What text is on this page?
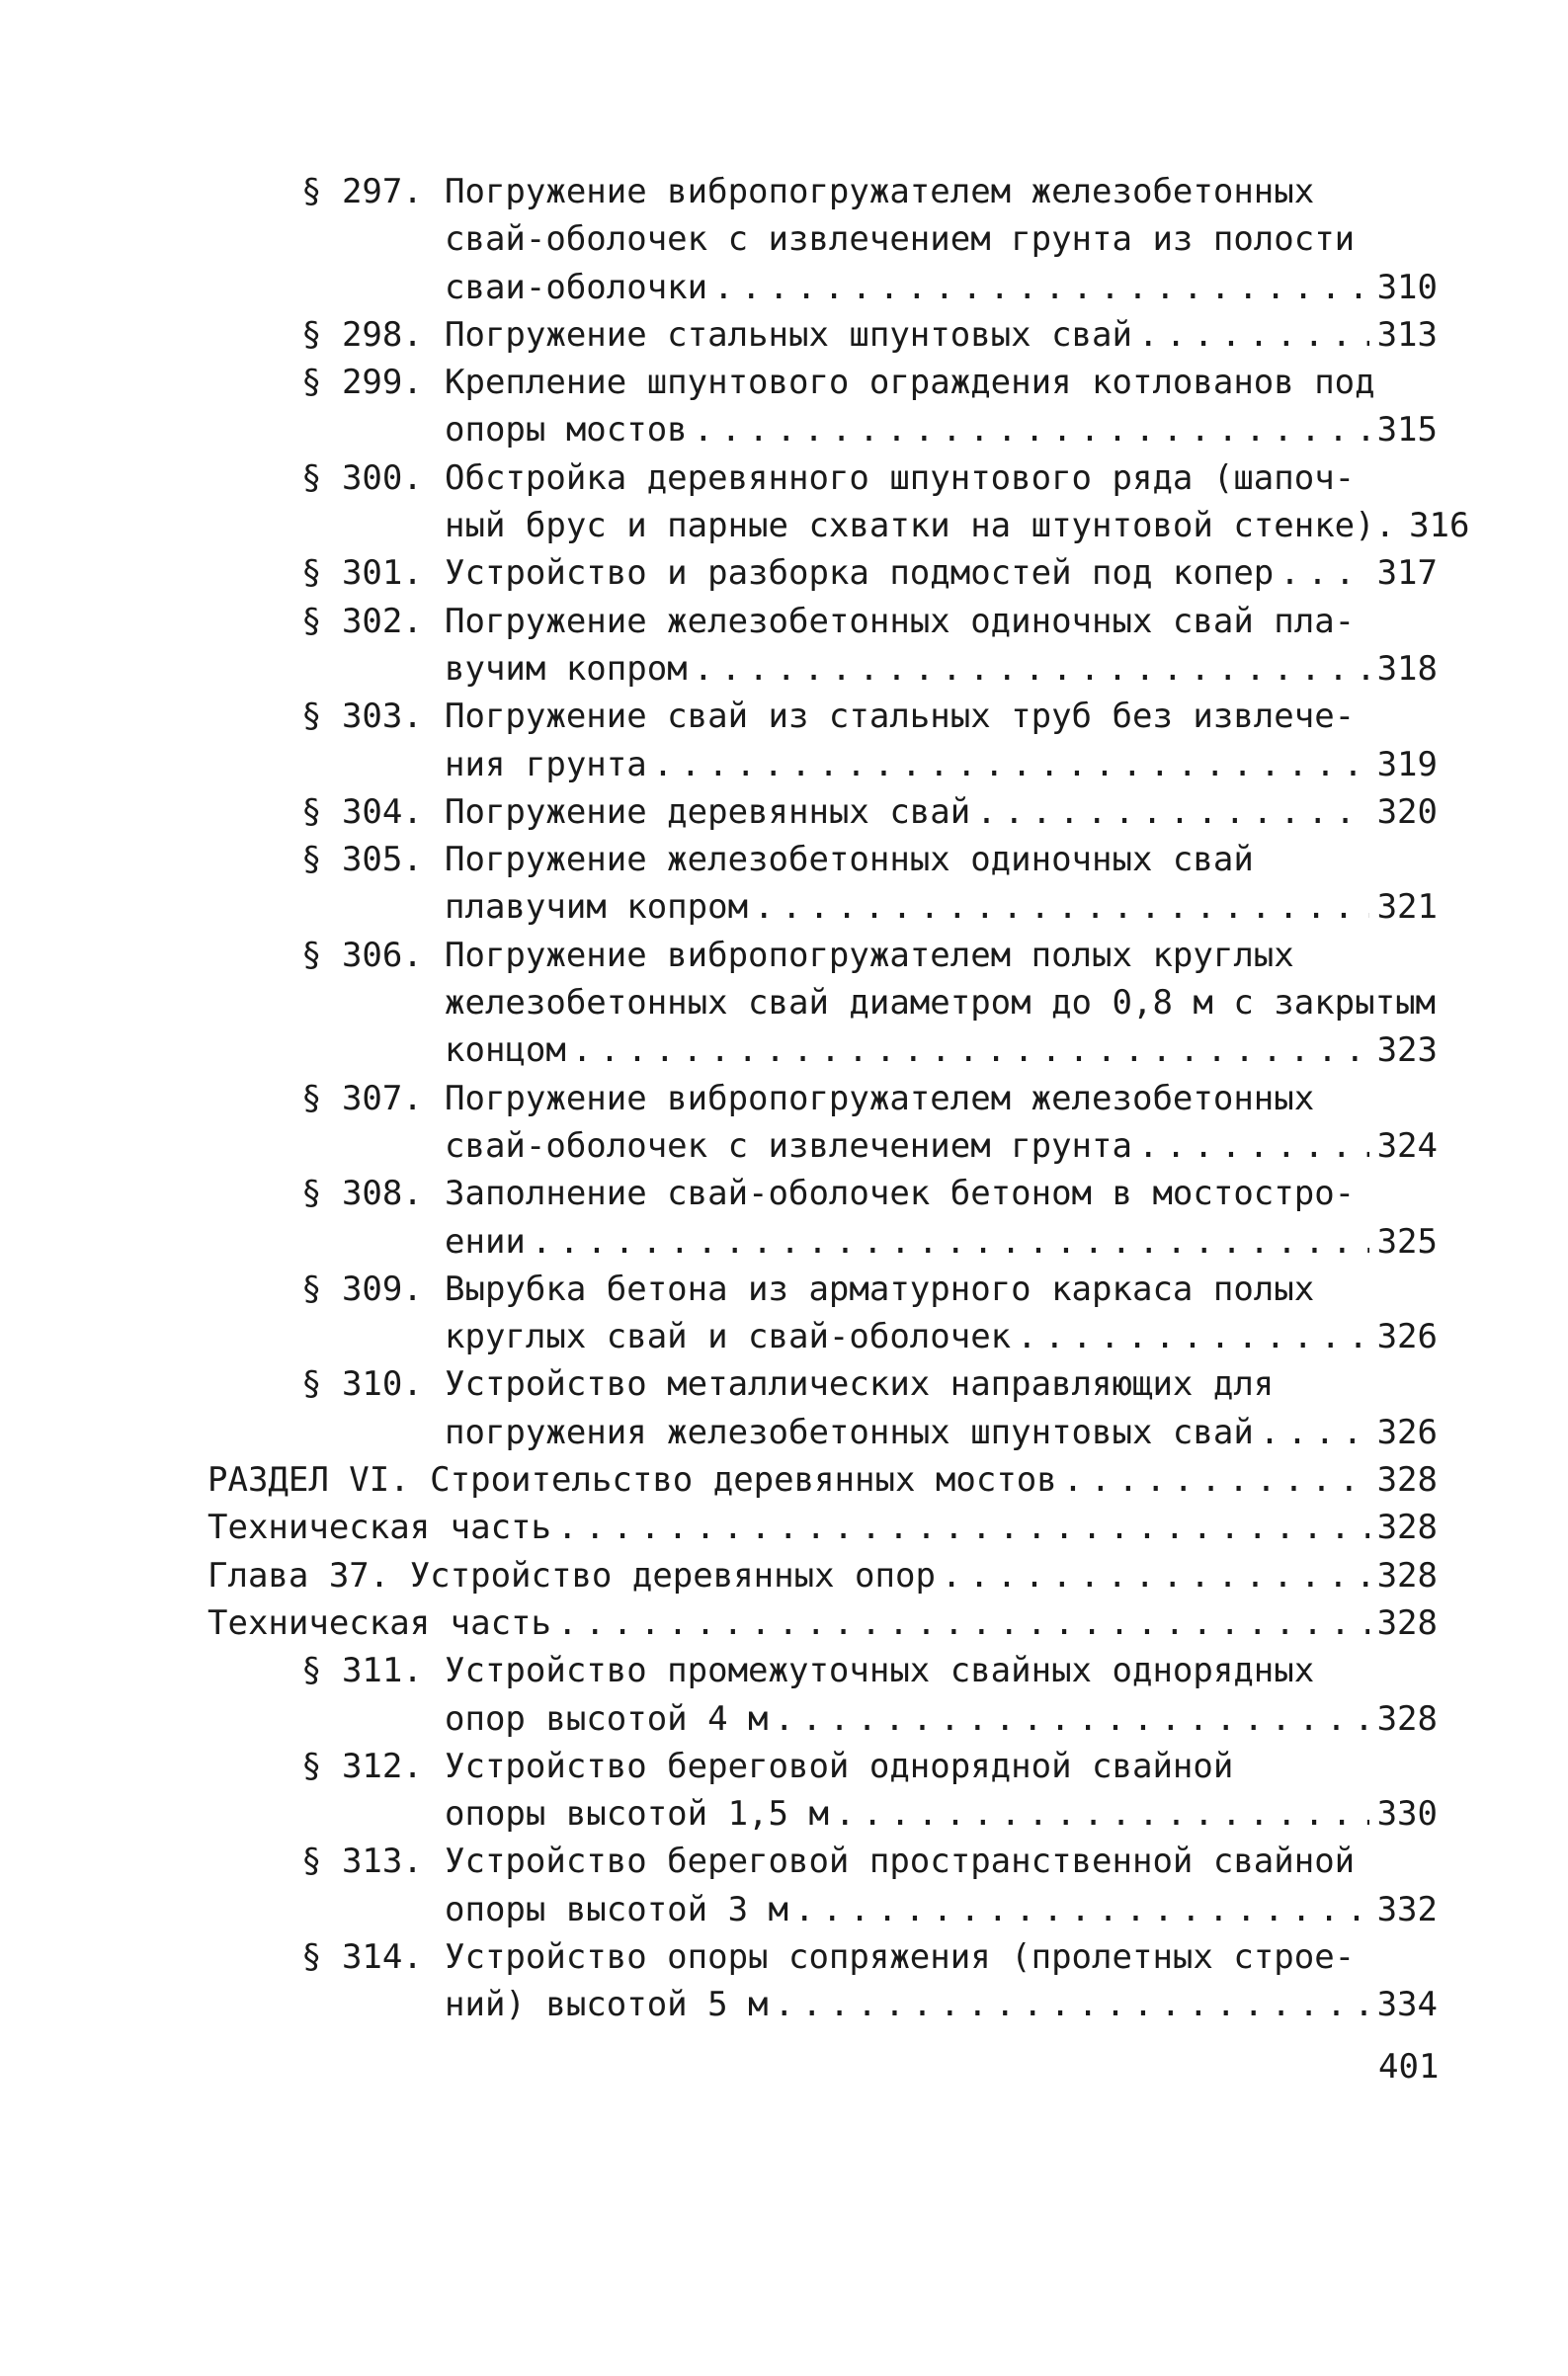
§ 297. Погружение вибропогружателем железобетонных
свай-оболочек с извлечением грунта из полости
сваи-оболочки . . .	310
§ 298. Погружение стальных шпунтовых свай . . .	313
§ 299. Крепление шпунтового ограждения котлованов под
опоры мостов . . .	315
§ 300. Обстройка деревянного шпунтового ряда (шапоч-
ный брус и парные схватки на штунтовой стенке). 316
§ 301. Устройство и разборка подмостей под копер . . .	317
§ 302. Погружение железобетонных одиночных свай пла-
вучим копром . . .	318
§ 303. Погружение свай из стальных труб без извлече-
ния грунта . . .	319
§ 304. Погружение деревянных свай . . .	320
§ 305. Погружение железобетонных одиночных свай
плавучим копром . . .	321
§ 306. Погружение вибропогружателем полых круглых
железобетонных свай диаметром до 0,8 м с закрытым
концом . . .	323
§ 307. Погружение вибропогружателем железобетонных
свай-оболочек с извлечением грунта . . .	324
§ 308. Заполнение свай-оболочек бетоном в мостостро-
ении . . .	325
§ 309. Вырубка бетона из арматурного каркаса полых
круглых свай и свай-оболочек . . .	326
§ 310. Устройство металлических направляющих для
погружения железобетонных шпунтовых свай . . .	326
РАЗДЕЛ VI. Строительство деревянных мостов . . .	328
Техническая часть . . .	328
Глава 37. Устройство деревянных опор . . .	328
Техническая часть . . .	328
§ 311. Устройство промежуточных свайных однорядных
опор высотой 4 м . . .	328
§ 312. Устройство береговой однорядной свайной
опоры высотой 1,5 м . . .	330
§ 313. Устройство береговой пространственной свайной
опоры высотой 3 м . . .	332
§ 314. Устройство опоры сопряжения (пролетных строе-
ний) высотой 5 м . . .	334
401
